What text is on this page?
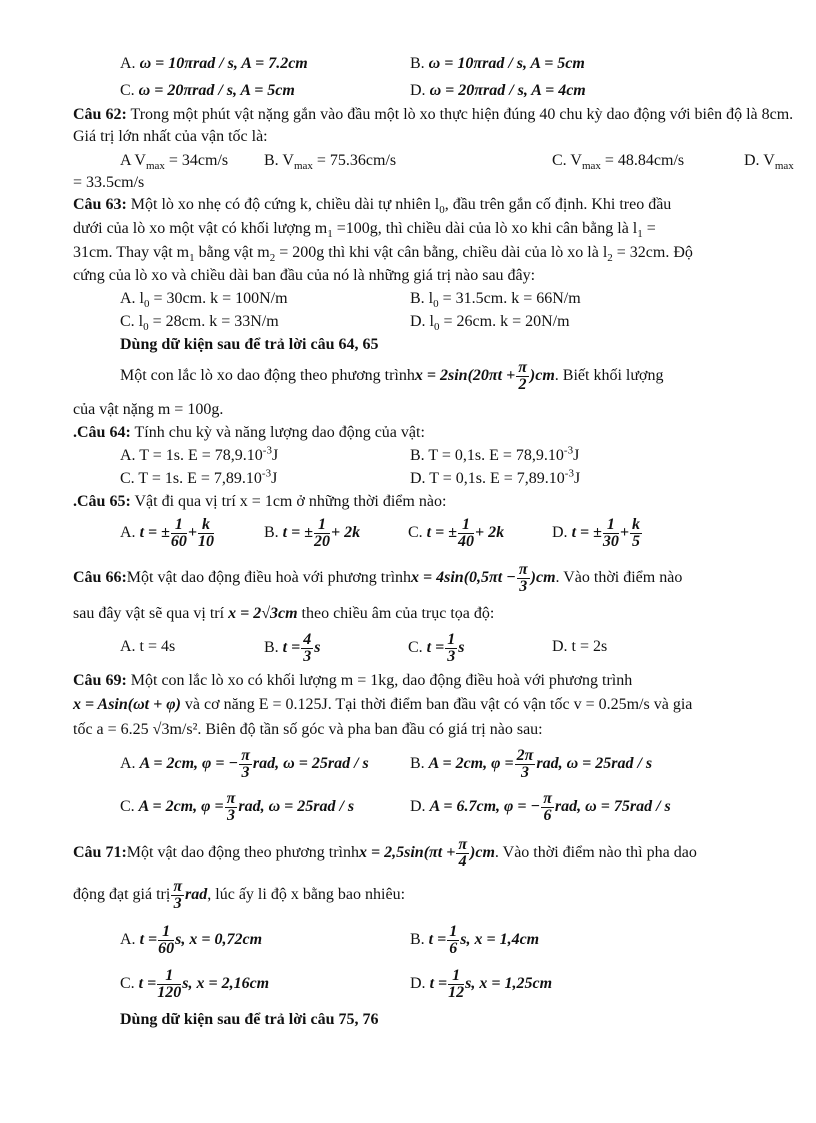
A. ω = 10πrad / s, A = 7.2cm	B. ω = 10πrad / s, A = 5cm
C. ω = 20πrad / s, A = 5cm	D. ω = 20πrad / s, A = 4cm
Câu 62: Trong một phút vật nặng gắn vào đầu một lò xo thực hiện đúng 40 chu kỳ dao động với biên độ là 8cm. Giá trị lớn nhất của vận tốc là:
A $V_{max} = 34cm/s$ B. $V_{max} = 75.36cm/s$	C. $V_{max} = 48.84cm/s$	D. $V_{max}$
= 33.5cm/s
Câu 63: Một lò xo nhẹ có độ cứng k, chiều dài tự nhiên $l_0$, đầu trên gắn cố định. Khi treo đầu
dưới của lò xo một vật có khối lượng $m_1 =100g$, thì chiều dài của lò xo khi cân bằng là $l_1$ =
31cm. Thay vật $m_1$ bằng vật $m_2 = 200g$ thì khi vật cân bằng, chiều dài của lò xo là $l_2 = 32cm$. Độ
cứng của lò xo và chiều dài ban đầu của nó là những giá trị nào sau đây:
A. $l_0 = 30cm$. k = 100N/m	B. $l_0 = 31.5cm$. k = 66N/m
C. $l_0 = 28cm$. k = 33N/m	D. $l_0 = 26cm$. k = 20N/m
Dùng dữ kiện sau để trả lời câu 64, 65
Một con lắc lò xo dao động theo phương trình $x = 2\sin(20\pi t + \frac{\pi}{2} )cm$ . Biết khối lượng
của vật nặng m = 100g.
.Câu 64: Tính chu kỳ và năng lượng dao động của vật:
A. T = 1s. $E = 78,9.10^{-3}J$	B. T = 0,1s. $E = 78,9.10^{-3}J$
C. T = 1s. $E = 7,89.10^{-3}J$	D. T = 0,1s. $E = 7,89.10^{-3}J$
.Câu 65: Vật đi qua vị trí x = 1cm ở những thời điểm nào:
A.
t = ± $\frac{1}{60} + \frac{k}{10}$	B.
t = ± $\frac{1}{20} + 2k$	C.
t = ± $\frac{1}{40} + 2k$	D.
t = ± $\frac{1}{30} + \frac{k}{5}$
Câu 66: Một vật dao động điều hoà với phương trình $x = 4\sin(0,5\pi t - \frac{\pi}{3} )cm$ . Vào thời điểm nào
sau đây vật sẽ qua vị trí x = 2√3cm theo chiều âm của trục tọa độ:
A. t = 4s	B.
$t = \frac{4}{3}$ s	C.
$t = \frac{1}{3}$ s	D. t = 2s
Câu 69: Một con lắc lò xo có khối lượng m = 1kg, dao động điều hoà với phương trình
x = Asin(ωt + φ) và cơ năng E = 0.125J. Tại thời điểm ban đầu vật có vận tốc v = 0.25m/s và gia
tốc a = 6.25 √3m/s². Biên độ tần số góc và pha ban đầu có giá trị nào sau:
A.
A = 2cm, φ = − $\frac{\pi}{3}$ rad, ω = 25rad / s	B.
A = 2cm, $\varphi = \frac{2\pi}{3}$ rad, ω = 25rad / s
C.
A = 2cm, $\varphi = \frac{\pi}{3}$ rad, ω = 25rad / s	D.
A = 6.7cm, φ = − $\frac{\pi}{6}$ rad, ω = 75rad / s
Câu 71: Một vật dao động theo phương trình $x = 2,5\sin(\pi t + \frac{\pi}{4} )cm$ . Vào thời điểm nào thì pha dao
động đạt giá trị $\frac{\pi}{3}$ rad , lúc ấy li độ x bằng bao nhiêu:
A.
$t = \frac{1}{60} s$, x = 0,72cm	B.
$t = \frac{1}{6} s$, x = 1,4cm
C.
$t = \frac{1}{120} s$, x = 2,16cm	D.
$t = \frac{1}{12} s$, x = 1,25cm
Dùng dữ kiện sau để trả lời câu 75, 76
